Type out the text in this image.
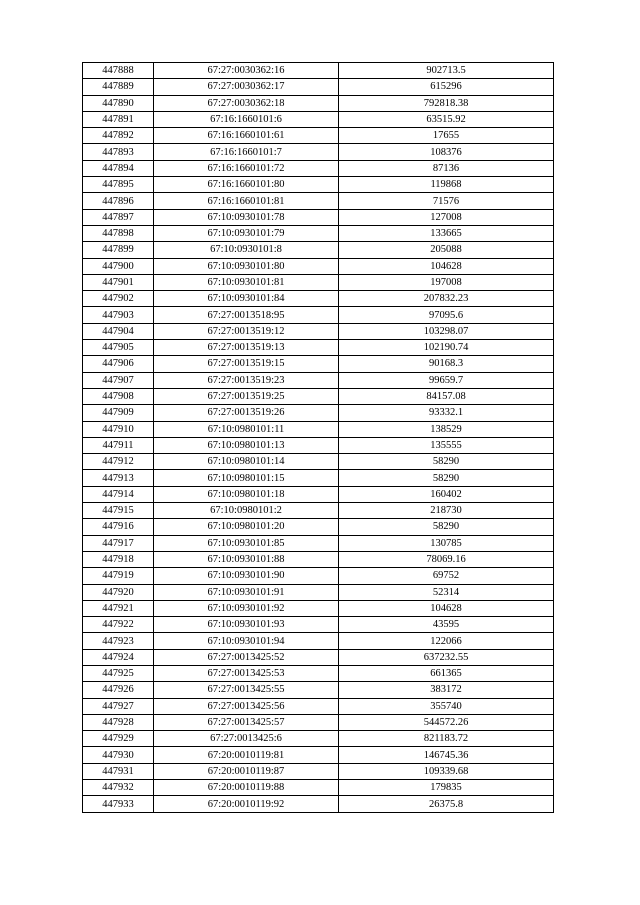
447888	67:27:0030362:16	902713.5
447889	67:27:0030362:17	615296
447890	67:27:0030362:18	792818.38
447891	67:16:1660101:6	63515.92
447892	67:16:1660101:61	17655
447893	67:16:1660101:7	108376
447894	67:16:1660101:72	87136
447895	67:16:1660101:80	119868
447896	67:16:1660101:81	71576
447897	67:10:0930101:78	127008
447898	67:10:0930101:79	133665
447899	67:10:0930101:8	205088
447900	67:10:0930101:80	104628
447901	67:10:0930101:81	197008
447902	67:10:0930101:84	207832.23
447903	67:27:0013518:95	97095.6
447904	67:27:0013519:12	103298.07
447905	67:27:0013519:13	102190.74
447906	67:27:0013519:15	90168.3
447907	67:27:0013519:23	99659.7
447908	67:27:0013519:25	84157.08
447909	67:27:0013519:26	93332.1
447910	67:10:0980101:11	138529
447911	67:10:0980101:13	135555
447912	67:10:0980101:14	58290
447913	67:10:0980101:15	58290
447914	67:10:0980101:18	160402
447915	67:10:0980101:2	218730
447916	67:10:0980101:20	58290
447917	67:10:0930101:85	130785
447918	67:10:0930101:88	78069.16
447919	67:10:0930101:90	69752
447920	67:10:0930101:91	52314
447921	67:10:0930101:92	104628
447922	67:10:0930101:93	43595
447923	67:10:0930101:94	122066
447924	67:27:0013425:52	637232.55
447925	67:27:0013425:53	661365
447926	67:27:0013425:55	383172
447927	67:27:0013425:56	355740
447928	67:27:0013425:57	544572.26
447929	67:27:0013425:6	821183.72
447930	67:20:0010119:81	146745.36
447931	67:20:0010119:87	109339.68
447932	67:20:0010119:88	179835
447933	67:20:0010119:92	26375.8
